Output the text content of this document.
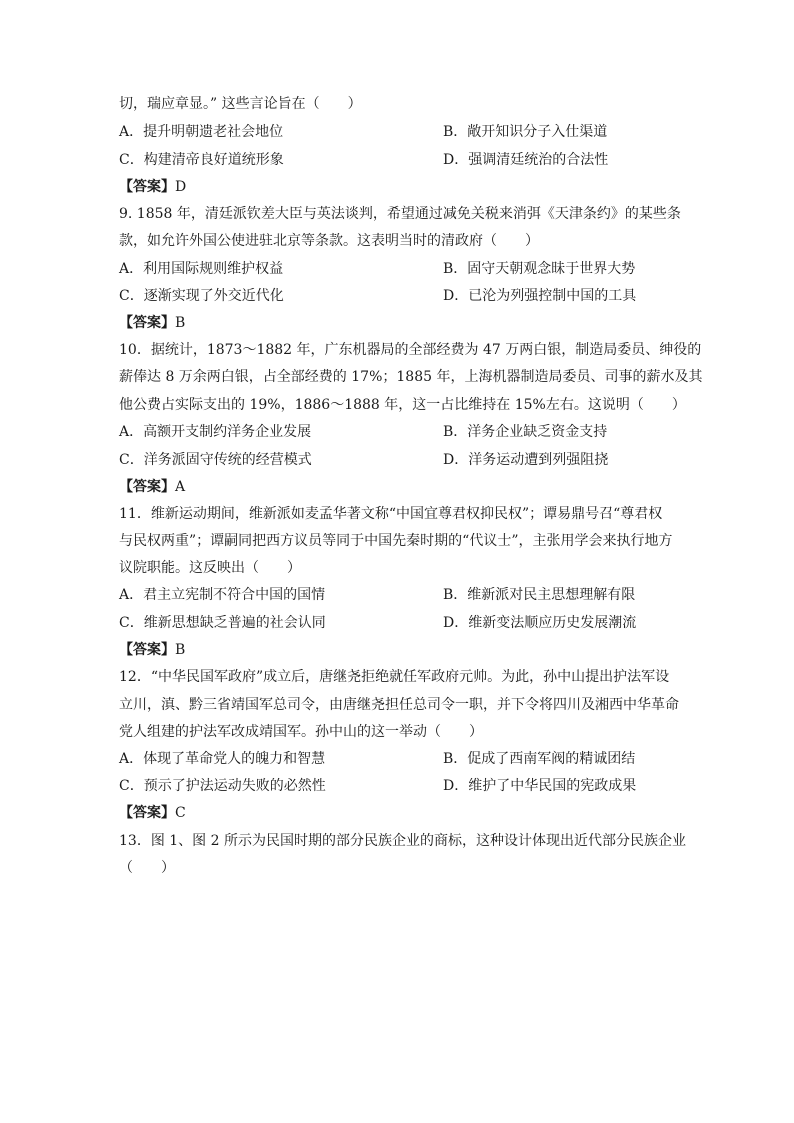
切，瑞应章显。” 这些言论旨在（　　）
A．提升明朝遗老社会地位	B．敞开知识分子入仕渠道
C．构建清帝良好道统形象	D．强调清廷统治的合法性
【答案】D
9. 1858 年，清廷派钦差大臣与英法谈判，希望通过减免关税来消弭《天津条约》的某些条
款，如允许外国公使进驻北京等条款。这表明当时的清政府（　　）
A．利用国际规则维护权益	B．固守天朝观念昧于世界大势
C．逐渐实现了外交近代化	D．已沦为列强控制中国的工具
【答案】B
10．据统计，1873～1882 年，广东机器局的全部经费为 47 万两白银，制造局委员、绅役的
薪俸达 8 万余两白银，占全部经费的 17%；1885 年，上海机器制造局委员、司事的薪水及其
他公费占实际支出的 19%，1886～1888 年，这一占比维持在 15%左右。这说明（　　）
A．高额开支制约洋务企业发展	B．洋务企业缺乏资金支持
C．洋务派固守传统的经营模式	D．洋务运动遭到列强阻挠
【答案】A
11．维新运动期间，维新派如麦孟华著文称“中国宜尊君权抑民权”；谭易鼎号召“尊君权
与民权两重”；谭嗣同把西方议员等同于中国先秦时期的“代议士”，主张用学会来执行地方
议院职能。这反映出（　　）
A．君主立宪制不符合中国的国情	B．维新派对民主思想理解有限
C．维新思想缺乏普遍的社会认同	D．维新变法顺应历史发展潮流
【答案】B
12．“中华民国军政府”成立后，唐继尧拒绝就任军政府元帅。为此，孙中山提出护法军设
立川，滇、黔三省靖国军总司令，由唐继尧担任总司令一职，并下令将四川及湘西中华革命
党人组建的护法军改成靖国军。孙中山的这一举动（　　）
A．体现了革命党人的魄力和智慧	B．促成了西南军阀的精诚团结
C．预示了护法运动失败的必然性	D．维护了中华民国的宪政成果
【答案】C
13．图 1、图 2 所示为民国时期的部分民族企业的商标，这种设计体现出近代部分民族企业
（　　）
